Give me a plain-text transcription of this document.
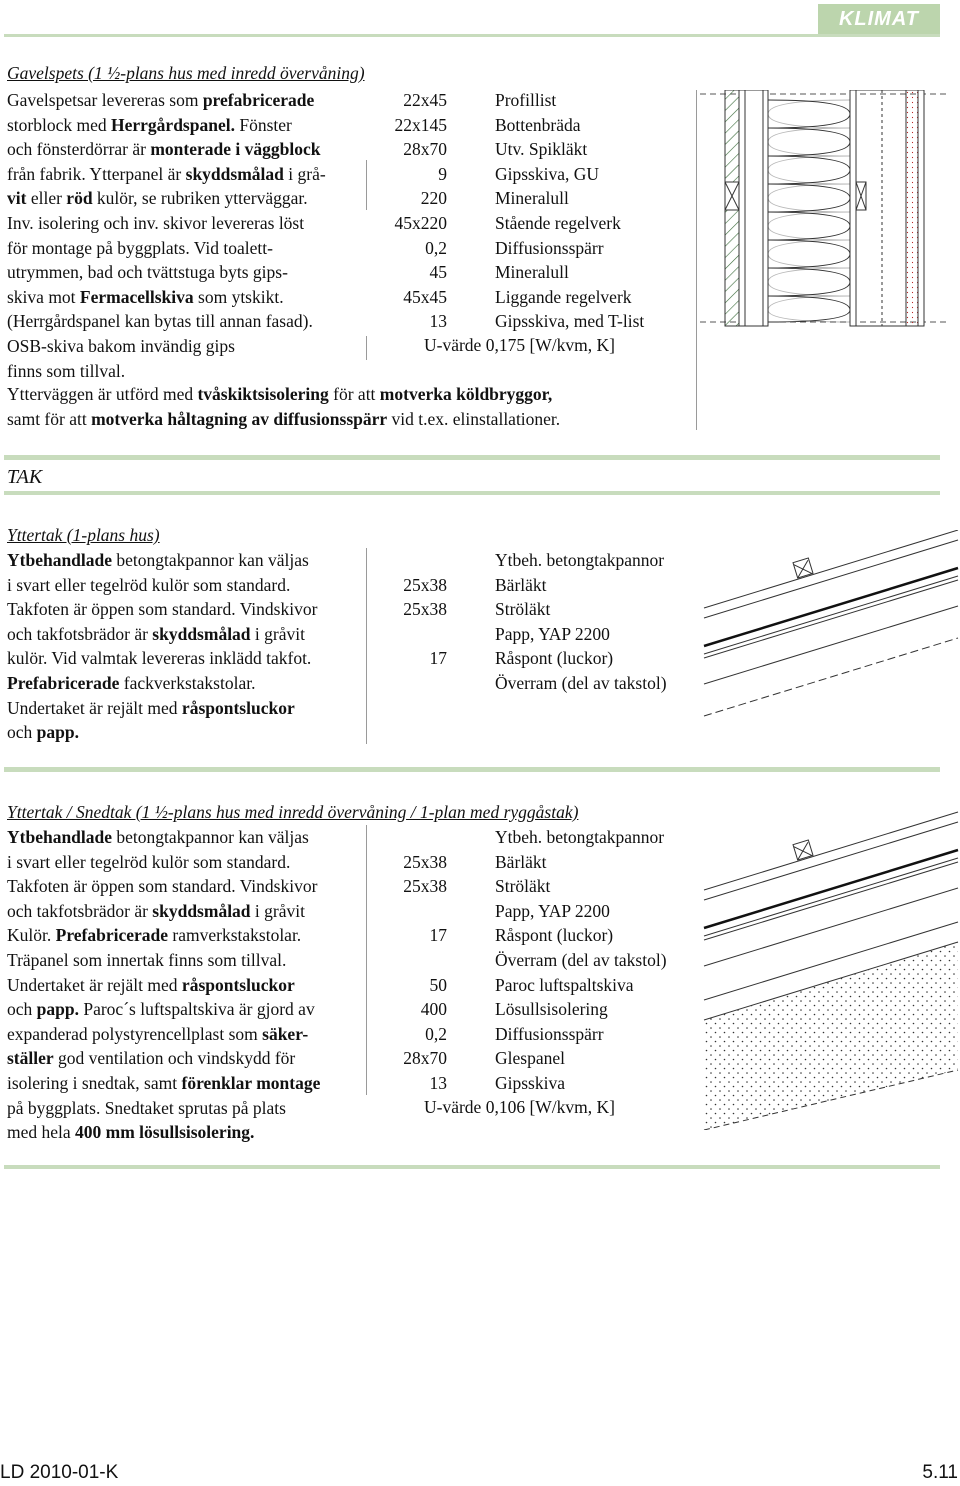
KLIMAT
Gavelspets (1 ½-plans hus med inredd övervåning)
Gavelspetsar levereras som prefabricerade
storblock med Herrgårdspanel. Fönster
och fönsterdörrar är monterade i väggblock
från fabrik. Ytterpanel är skyddsmålad i grå-
vit eller röd kulör, se rubriken ytterväggar.
Inv. isolering och inv. skivor levereras löst
för montage på byggplats. Vid toalett-
utrymmen, bad och tvättstuga byts gips-
skiva mot Fermacellskiva som ytskikt.
(Herrgårdspanel kan bytas till annan fasad).
OSB-skiva bakom invändig gips
finns som tillval.
22x45
22x145
28x70
9
220
45x220
0,2
45
45x45
13
Profillist
Bottenbräda
Utv. Spikläkt
Gipsskiva, GU
Mineralull
Stående regelverk
Diffusionsspärr
Mineralull
Liggande regelverk
Gipsskiva, med T-list
U-värde 0,175 [W/kvm, K]
Ytterväggen är utförd med tvåskiktsisolering för att motverka köldbryggor,
samt för att motverka håltagning av diffusionsspärr vid t.ex. elinstallationer.
TAK
Yttertak (1-plans hus)
Ytbehandlade betongtakpannor kan väljas
i svart eller tegelröd kulör som standard.
Takfoten är öppen som standard. Vindskivor
och takfotsbrädor är skyddsmålad i gråvit
kulör. Vid valmtak levereras inklädd takfot.
Prefabricerade fackverkstakstolar.
Undertaket är rejält med råspontsluckor
och papp.
25x38
25x38
17
Ytbeh. betongtakpannor
Bärläkt
Ströläkt
Papp, YAP 2200
Råspont (luckor)
Överram (del av takstol)
Yttertak / Snedtak (1 ½-plans hus med inredd övervåning / 1-plan med ryggåstak)
Ytbehandlade betongtakpannor kan väljas
i svart eller tegelröd kulör som standard.
Takfoten är öppen som standard. Vindskivor
och takfotsbrädor är skyddsmålad i gråvit
Kulör. Prefabricerade ramverkstakstolar.
Träpanel som innertak finns som tillval.
Undertaket är rejält med råspontsluckor
och papp. Paroc´s luftspaltskiva är gjord av
expanderad polystyrencellplast som säker-
ställer god ventilation och vindskydd för
isolering i snedtak, samt förenklar montage
på byggplats. Snedtaket sprutas på plats
med hela 400 mm lösullsisolering.
25x38
25x38
17
50
400
0,2
28x70
13
Ytbeh. betongtakpannor
Bärläkt
Ströläkt
Papp, YAP 2200
Råspont (luckor)
Överram (del av takstol)
Paroc luftspaltskiva
Lösullsisolering
Diffusionsspärr
Glespanel
Gipsskiva
U-värde 0,106 [W/kvm, K]
LD 2010-01-K	5.11
